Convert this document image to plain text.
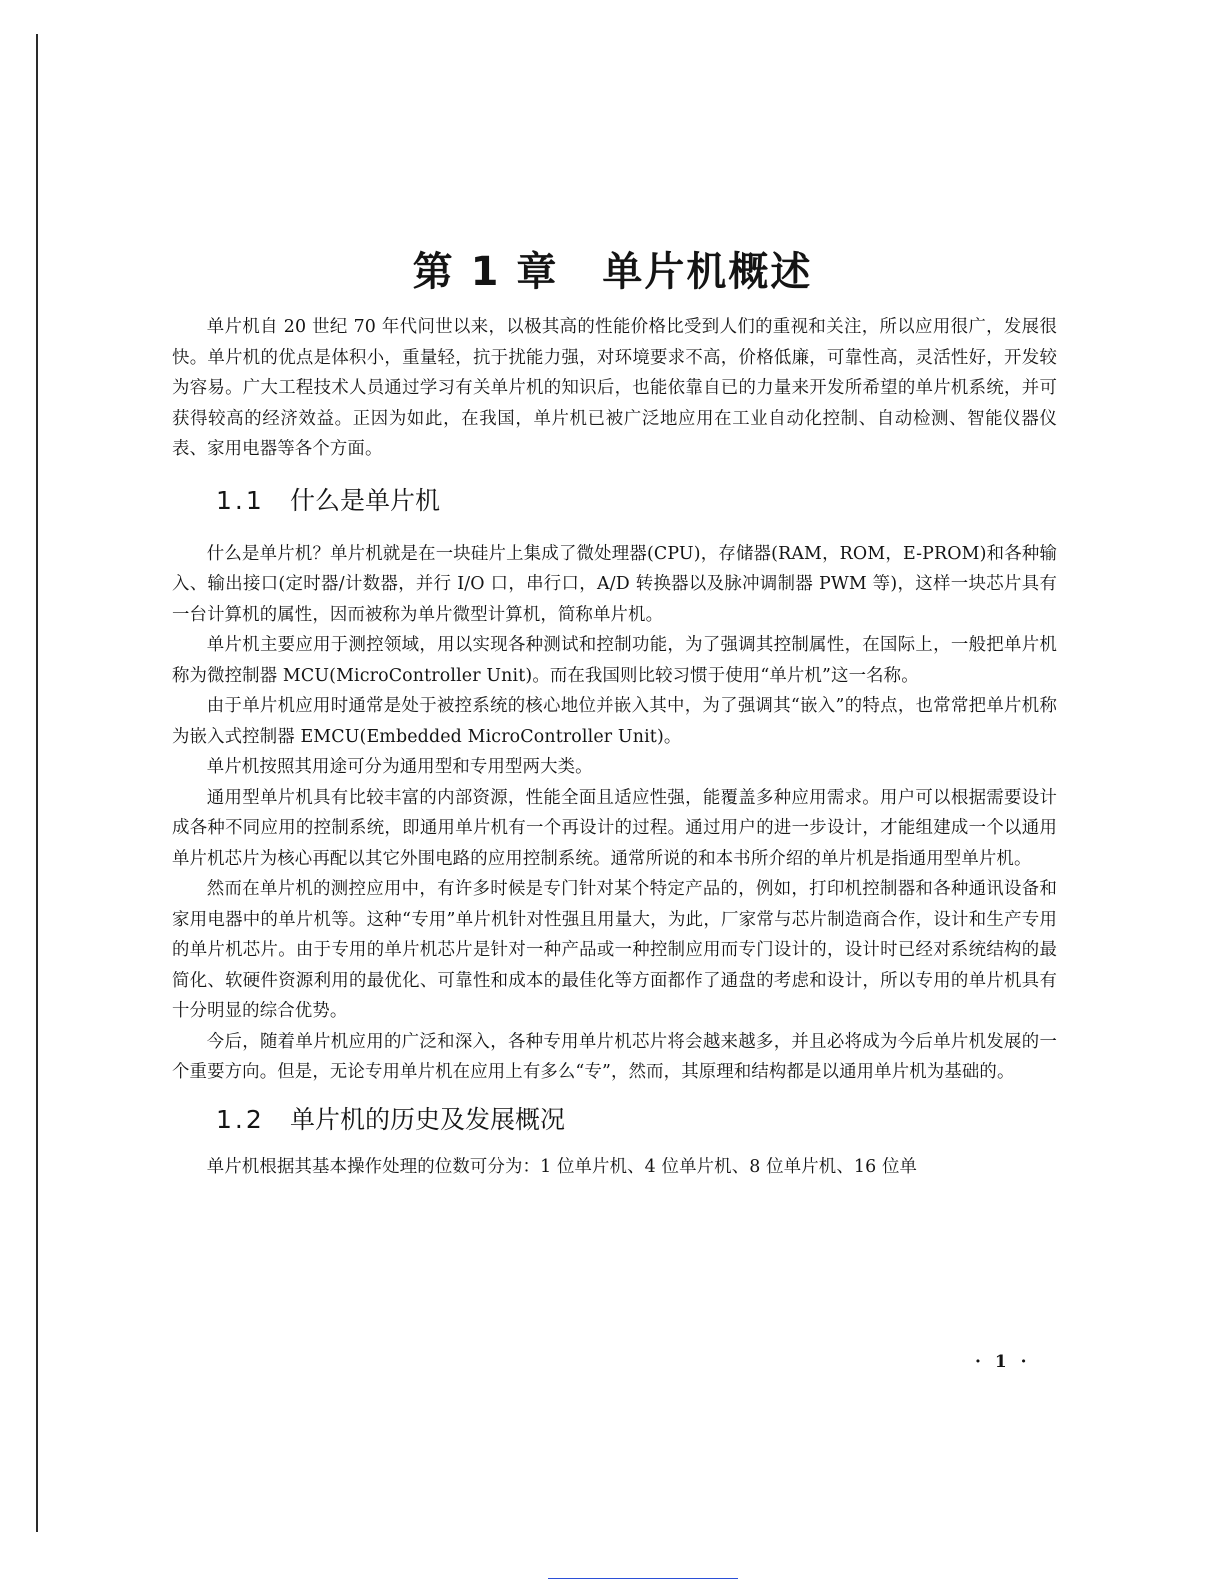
第 1 章 单片机概述

单片机自 20 世纪 70 年代问世以来，以极其高的性能价格比受到人们的重视和关注，所以应用很广，发展很快。单片机的优点是体积小，重量轻，抗于扰能力强，对环境要求不高，价格低廉，可靠性高，灵活性好，开发较为容易。广大工程技术人员通过学习有关单片机的知识后，也能依靠自已的力量来开发所希望的单片机系统，并可获得较高的经济效益。正因为如此，在我国，单片机已被广泛地应用在工业自动化控制、自动检测、智能仪器仪表、家用电器等各个方面。

1.1 什么是单片机

什么是单片机？单片机就是在一块硅片上集成了微处理器(CPU)，存储器(RAM，ROM，E-PROM)和各种输入、输出接口(定时器/计数器，并行 I/O 口，串行口，A/D 转换器以及脉冲调制器 PWM 等)，这样一块芯片具有一台计算机的属性，因而被称为单片微型计算机，简称单片机。

单片机主要应用于测控领域，用以实现各种测试和控制功能，为了强调其控制属性，在国际上，一般把单片机称为微控制器 MCU(MicroController Unit)。而在我国则比较习惯于使用“单片机”这一名称。

由于单片机应用时通常是处于被控系统的核心地位并嵌入其中，为了强调其“嵌入”的特点，也常常把单片机称为嵌入式控制器 EMCU(Embedded MicroController Unit)。

单片机按照其用途可分为通用型和专用型两大类。

通用型单片机具有比较丰富的内部资源，性能全面且适应性强，能覆盖多种应用需求。用户可以根据需要设计成各种不同应用的控制系统，即通用单片机有一个再设计的过程。通过用户的进一步设计，才能组建成一个以通用单片机芯片为核心再配以其它外围电路的应用控制系统。通常所说的和本书所介绍的单片机是指通用型单片机。

然而在单片机的测控应用中，有许多时候是专门针对某个特定产品的，例如，打印机控制器和各种通讯设备和家用电器中的单片机等。这种“专用”单片机针对性强且用量大，为此，厂家常与芯片制造商合作，设计和生产专用的单片机芯片。由于专用的单片机芯片是针对一种产品或一种控制应用而专门设计的，设计时已经对系统结构的最简化、软硬件资源利用的最优化、可靠性和成本的最佳化等方面都作了通盘的考虑和设计，所以专用的单片机具有十分明显的综合优势。

今后，随着单片机应用的广泛和深入，各种专用单片机芯片将会越来越多，并且必将成为今后单片机发展的一个重要方向。但是，无论专用单片机在应用上有多么“专”，然而，其原理和结构都是以通用单片机为基础的。

1.2 单片机的历史及发展概况

单片机根据其基本操作处理的位数可分为：1 位单片机、4 位单片机、8 位单片机、16 位单

· 1 ·
